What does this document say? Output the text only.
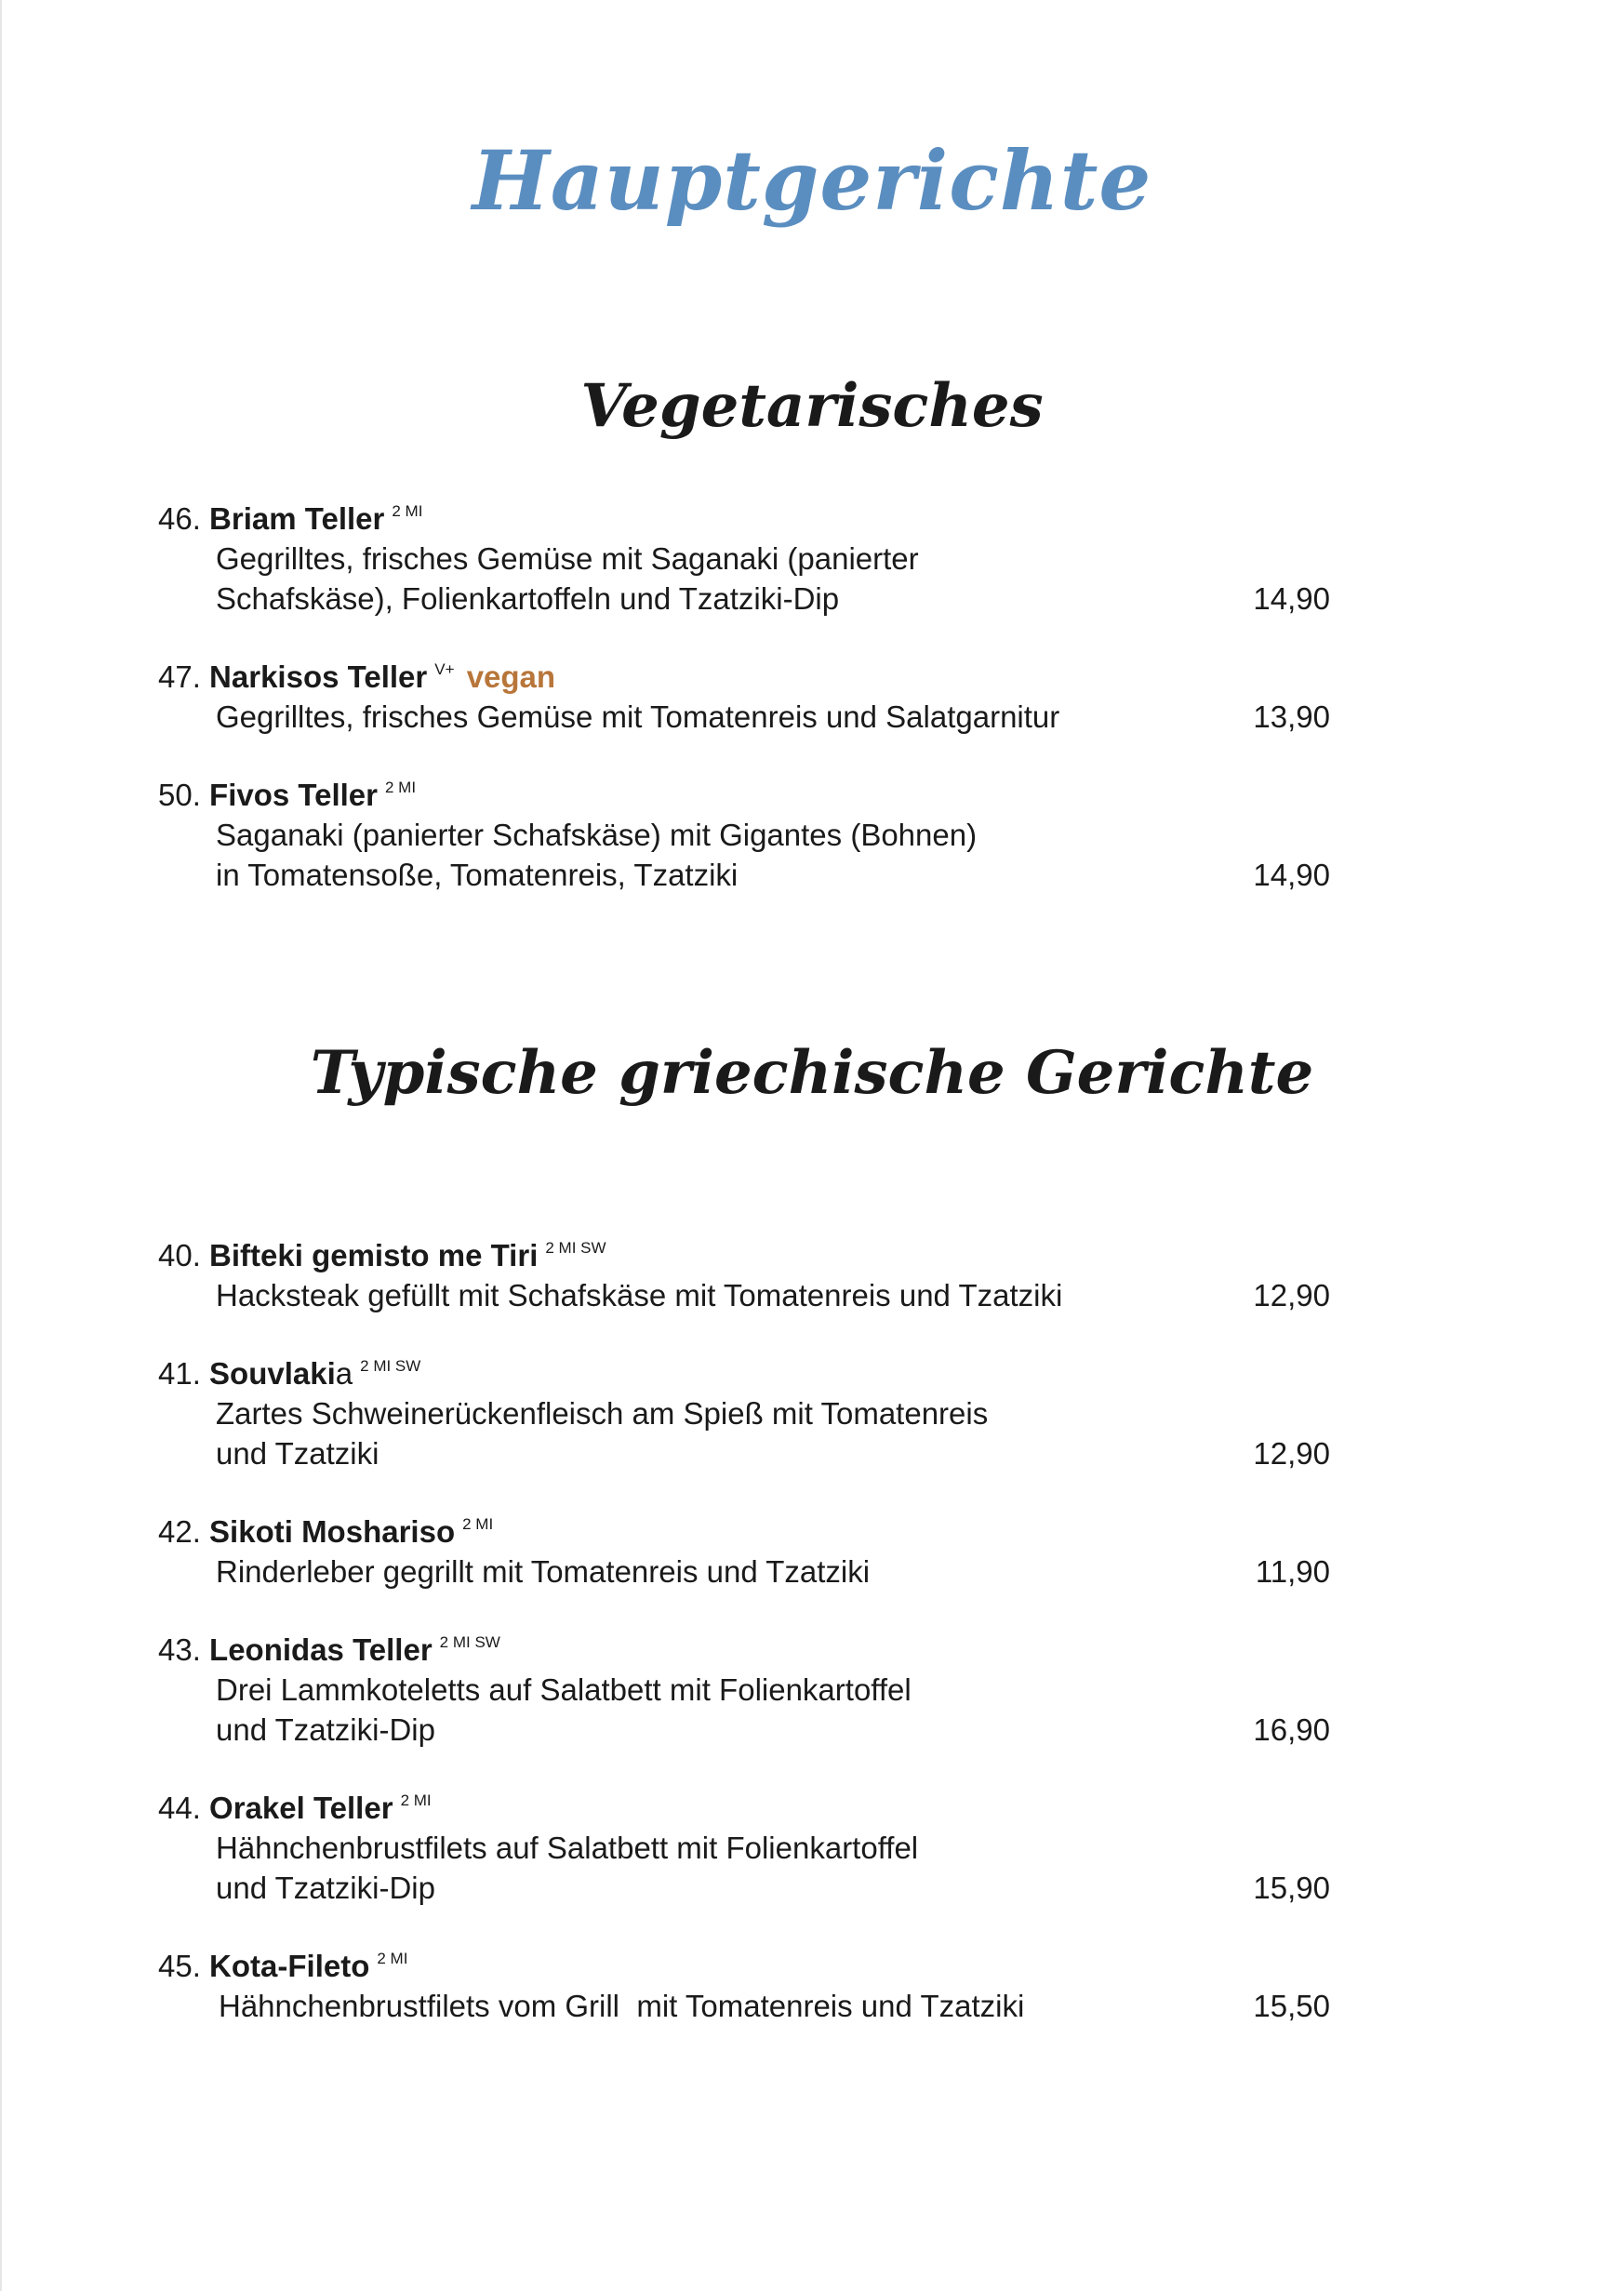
Hauptgerichte
Vegetarisches
46. Briam Teller $^{2 MI}$
Gegrilltes, frisches Gemüse mit Saganaki (panierter
Schafskäse), Folienkartoffeln und Tzatziki-Dip	14,90
47. Narkisos Teller $^{V+}$ vegan
Gegrilltes, frisches Gemüse mit Tomatenreis und Salatgarnitur	13,90
50. Fivos Teller $^{2 MI}$
Saganaki (panierter Schafskäse) mit Gigantes (Bohnen)
in Tomatensoße, Tomatenreis, Tzatziki	14,90
Typische griechische Gerichte
40. Bifteki gemisto me Tiri $^{2 MI SW}$
Hacksteak gefüllt mit Schafskäse mit Tomatenreis und Tzatziki	12,90
41. Souvlakia $^{2 MI SW}$
Zartes Schweinerückenfleisch am Spieß mit Tomatenreis
und Tzatziki	12,90
42. Sikoti Moshariso $^{2 MI}$
Rinderleber gegrillt mit Tomatenreis und Tzatziki	11,90
43. Leonidas Teller $^{2 MI SW}$
Drei Lammkoteletts auf Salatbett mit Folienkartoffel
und Tzatziki-Dip	16,90
44. Orakel Teller $^{2 MI}$
Hähnchenbrustfilets auf Salatbett mit Folienkartoffel
und Tzatziki-Dip	15,90
45. Kota-Fileto $^{2 MI}$
Hähnchenbrustfilets vom Grill  mit Tomatenreis und Tzatziki	15,50
